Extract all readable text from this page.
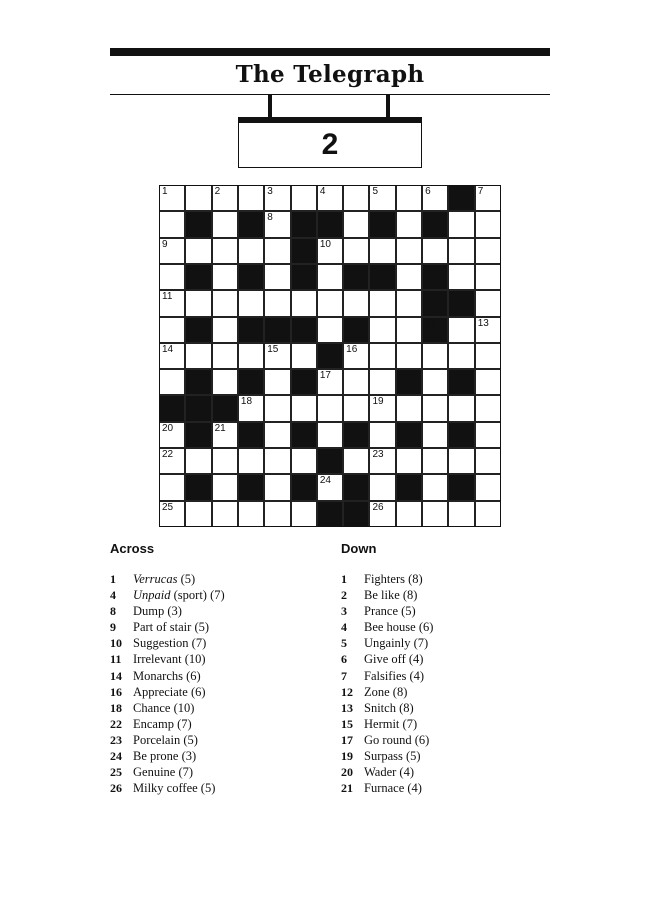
The Telegraph
2
1	2	3	4	5	6	7
8
9	10
11
12	13
14	15	16
17
18	19
20	21
22	23
24
25	26
Across
1 Verrucas (5)
4 Unpaid (sport) (7)
8 Dump (3)
9 Part of stair (5)
10 Suggestion (7)
11 Irrelevant (10)
14 Monarchs (6)
16 Appreciate (6)
18 Chance (10)
22 Encamp (7)
23 Porcelain (5)
24 Be prone (3)
25 Genuine (7)
26 Milky coffee (5)
Down
1 Fighters (8)
2 Be like (8)
3 Prance (5)
4 Bee house (6)
5 Ungainly (7)
6 Give off (4)
7 Falsifies (4)
12 Zone (8)
13 Snitch (8)
15 Hermit (7)
17 Go round (6)
19 Surpass (5)
20 Wader (4)
21 Furnace (4)
